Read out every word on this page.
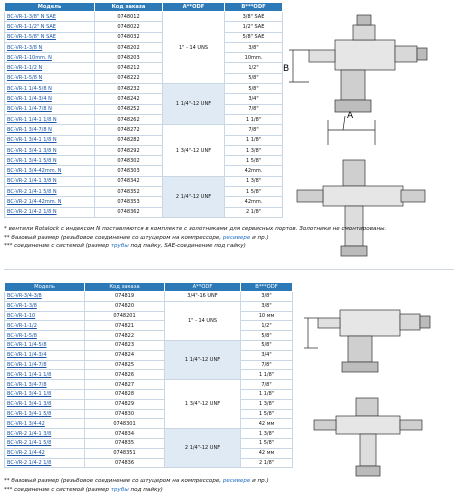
Модель	Код заказа	A**ODF	B***ODF
BC-VR-1-3/8" N SAE	0748012	1" - 14 UNS	3/8" SAE
BC-VR-1-1/2" N SAE	0748022		1/2" SAE
BC-VR-1-5/8" N SAE	0748032		5/8" SAE
BC-VR-1-3/8 N	0748202		3/8"
BC-VR-1-10mm. N	0748203		10mm.
BC-VR-1-1/2 N	0748212		1/2"
BC-VR-1-5/8 N	0748222		5/8"
BC-VR-1 1/4-5/8 N	0748232	1 1/4"-12 UNF	5/8"
BC-VR-1 1/4-3/4 N	0748242		3/4"
BC-VR-1 1/4-7/8 N	0748252		7/8"
BC-VR-1 1/4-1 1/8 N	0748262		1 1/8"
BC-VR-1 3/4-7/8 N	0748272	1 3/4"-12 UNF	7/8"
BC-VR-1 3/4-1 1/8 N	0748282		1 1/8"
BC-VR-1 3/4-1 3/8 N	0748292		1 3/8"
BC-VR-1 3/4-1 5/8 N	0748302		1 5/8"
BC-VR-1 3/4-42mm. N	0748303		42mm.
BC-VR-2 1/4-1 3/8 N	0748342	2 1/4"-12 UNF	1 3/8"
BC-VR-2 1/4-1 5/8 N	0748352		1 5/8"
BC-VR-2 1/4-42mm. N	0748353		42mm.
BC-VR-2 1/4-2 1/8 N	0748362		2 1/8"
B
A
* вентили Rotalock с индексом N поставляются в комплекте с золотниками для сервисных портов. Золотники не смонтированы.
** базовый размер (резьбовое соединение со штуцером на компрессоре, ресивере и пр.)
*** соединение с системой (размер трубы под пайку, SAE-соединение под гайку)
Модель	Код заказа	A**ODF	B***ODF
BC-VR-3/4-3/8	074819	3/4"-16 UNF	3/8"
BC-VR-1-3/8	074820	1" - 14 UNS	3/8"
BC-VR-1-10	0748201		10 мм
BC-VR-1-1/2	074821		1/2"
BC-VR-1-5/8	074822		5/8"
BC-VR-1 1/4-5/8	074823	1 1/4"-12 UNF	5/8"
BC-VR-1 1/4-3/4	074824		3/4"
BC-VR-1 1/4-7/8	074825		7/8"
BC-VR-1 1/4-1 1/8	074826		1 1/8"
BC-VR-1 3/4-7/8	074827	1 3/4"-12 UNF	7/8"
BC-VR-1 3/4-1 1/8	074828		1 1/8"
BC-VR-1 3/4-1 3/8	074829		1 3/8"
BC-VR-1 3/4-1 5/8	074830		1 5/8"
BC-VR-1 3/4-42	0748301		42 мм
BC-VR-2 1/4-1 3/8	074834	2 1/4"-12 UNF	1 3/8"
BC-VR-2 1/4-1 5/8	074835		1 5/8"
BC-VR-2 1/4-42	0748351		42 мм
BC-VR-2 1/4-2 1/8	074836		2 1/8"
** базовый размер (резьбовое соединение со штуцером на компрессоре, ресивере и пр.)
*** соединение с системой (размер трубы под пайку)
